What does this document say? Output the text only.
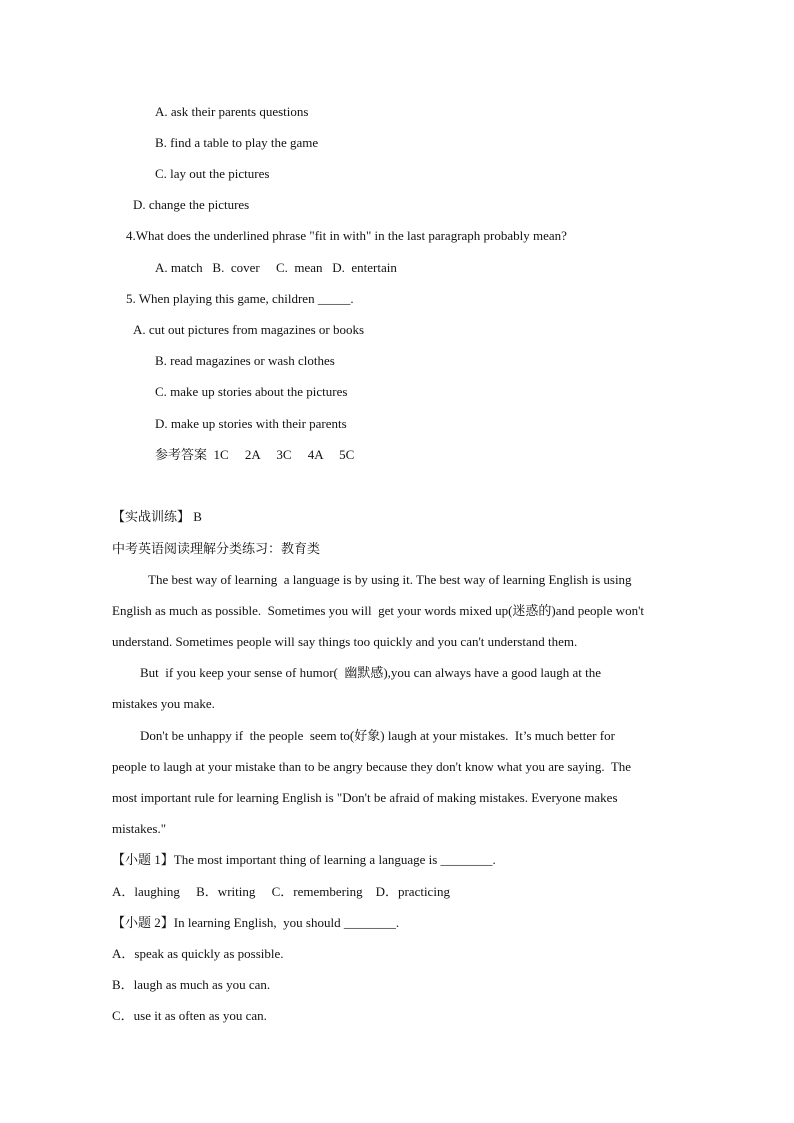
A. ask their parents questions
B. find a table to play the game
C. lay out the pictures
D. change the pictures
4.What does the underlined phrase "fit in with" in the last paragraph probably mean?
A. match   B.  cover     C.  mean   D.  entertain
5. When playing this game, children _____.
A. cut out pictures from magazines or books
B. read magazines or wash clothes
C. make up stories about the pictures
D. make up stories with their parents
参考答案  1C     2A     3C     4A     5C
【实战训练】 B
中考英语阅读理解分类练习：教育类
The best way of learning  a language is by using it. The best way of learning English is using
English as much as possible.  Sometimes you will  get your words mixed up(迷惑的)and people won't
understand. Sometimes people will say things too quickly and you can't understand them.
But  if you keep your sense of humor(  幽默感),you can always have a good laugh at the
mistakes you make.
Don't be unhappy if  the people  seem to(好象) laugh at your mistakes.  It’s much better for
people to laugh at your mistake than to be angry because they don't know what you are saying.  The
most important rule for learning English is "Don't be afraid of making mistakes. Everyone makes
mistakes."
【小题 1】The most important thing of learning a language is ________.
A．laughing     B．writing     C．remembering    D．practicing
【小题 2】In learning English,  you should ________.
A．speak as quickly as possible.
B．laugh as much as you can.
C．use it as often as you can.
